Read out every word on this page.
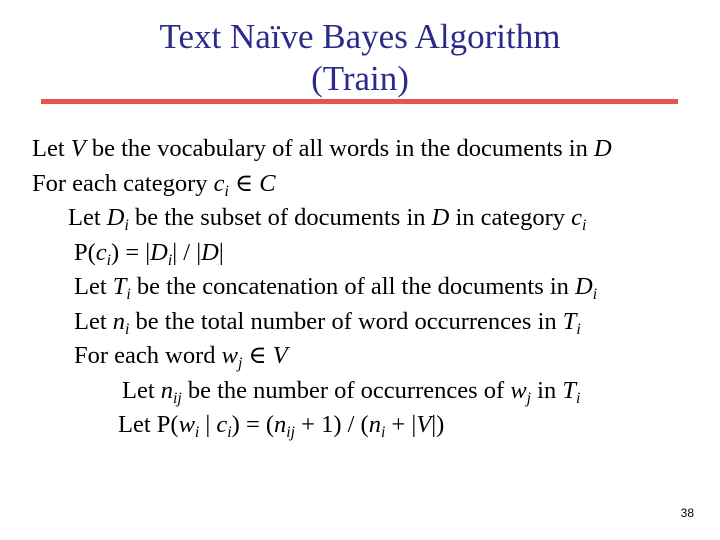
Text Naïve Bayes Algorithm
(Train)
Let V be the vocabulary of all words in the documents in D
For each category $c_i$ ∈ C
Let $D_i$ be the subset of documents in D in category $c_i$
$P(c_i) = |D_i| / |D|$
Let $T_i$ be the concatenation of all the documents in $D_i$
Let $n_i$ be the total number of word occurrences in $T_i$
For each word $w_j$ ∈ V
Let $n_{ij}$ be the number of occurrences of $w_j$ in $T_i$
Let $P(w_i$ | $c_i) = (n_{ij} + 1) / (n_i + |V|)$
38
